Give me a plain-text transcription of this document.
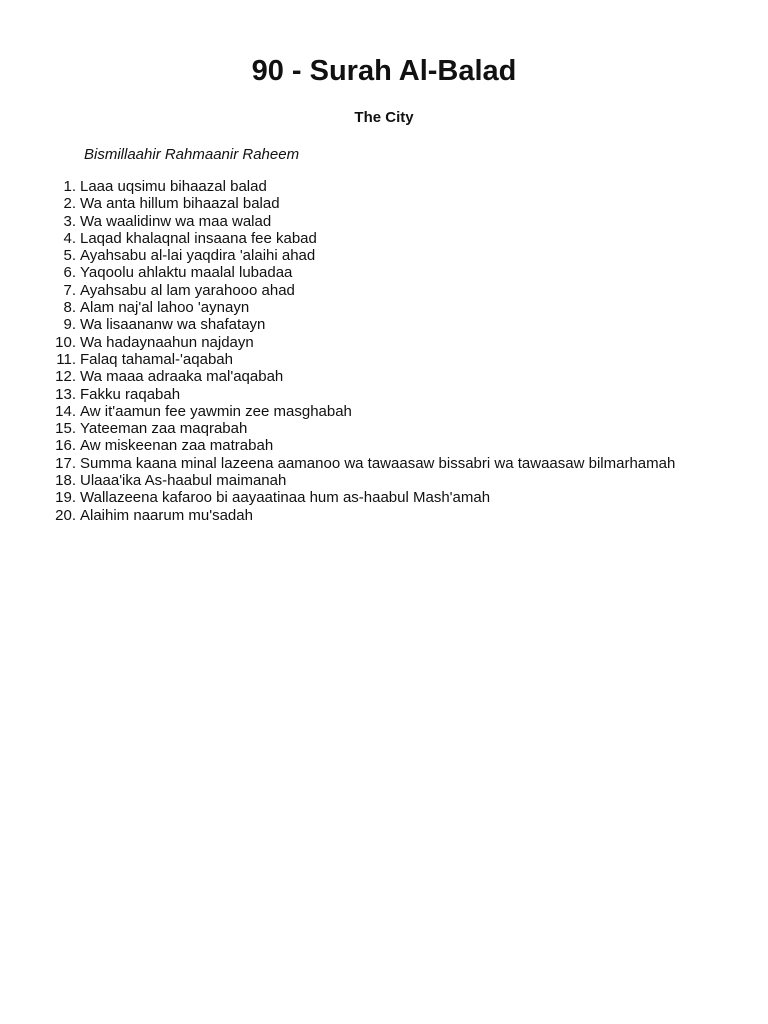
90 - Surah Al-Balad

The City

Bismillaahir Rahmaanir Raheem

1. Laaa uqsimu bihaazal balad
2. Wa anta hillum bihaazal balad
3. Wa waalidinw wa maa walad
4. Laqad khalaqnal insaana fee kabad
5. Ayahsabu al-lai yaqdira 'alaihi ahad
6. Yaqoolu ahlaktu maalal lubadaa
7. Ayahsabu al lam yarahooo ahad
8. Alam naj'al lahoo 'aynayn
9. Wa lisaananw wa shafatayn
10. Wa hadaynaahun najdayn
11. Falaq tahamal-'aqabah
12. Wa maaa adraaka mal'aqabah
13. Fakku raqabah
14. Aw it'aamun fee yawmin zee masghabah
15. Yateeman zaa maqrabah
16. Aw miskeenan zaa matrabah
17. Summa kaana minal lazeena aamanoo wa tawaasaw bissabri wa tawaasaw bilmarhamah
18. Ulaaa'ika As-haabul maimanah
19. Wallazeena kafaroo bi aayaatinaa hum as-haabul Mash'amah
20. Alaihim naarum mu'sadah
